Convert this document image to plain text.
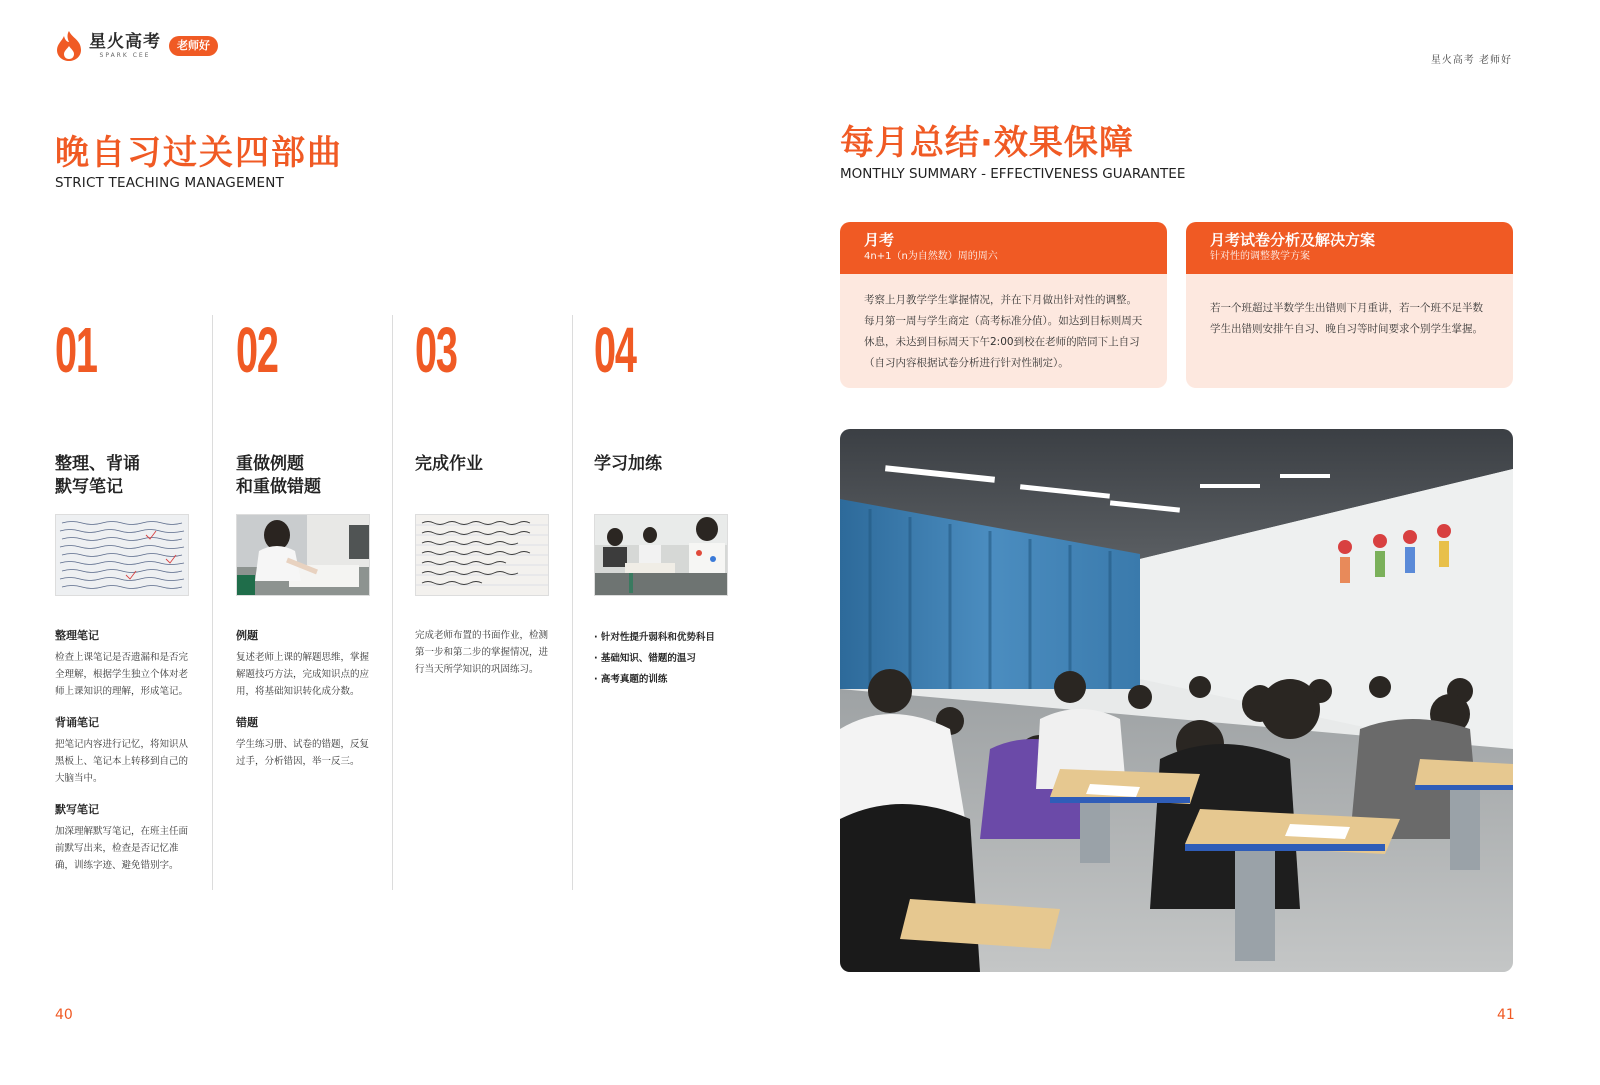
星火高考
SPARK CEE
老师好
星火高考 老师好
晚自习过关四部曲
STRICT TEACHING MANAGEMENT
01
整理、背诵
默写笔记
整理笔记
检查上课笔记是否遗漏和是否完全理解，根据学生独立个体对老师上课知识的理解，形成笔记。
背诵笔记
把笔记内容进行记忆，将知识从黑板上、笔记本上转移到自己的大脑当中。
默写笔记
加深理解默写笔记，在班主任面前默写出来，检查是否记忆准确，训练字迹、避免错别字。
02
重做例题
和重做错题
例题
复述老师上课的解题思维，掌握解题技巧方法，完成知识点的应用，将基础知识转化成分数。
错题
学生练习册、试卷的错题，反复过手，分析错因，举一反三。
03
完成作业
完成老师布置的书面作业，检测第一步和第二步的掌握情况，进行当天所学知识的巩固练习。
04
学习加练
· 针对性提升弱科和优势科目
· 基础知识、错题的温习
· 高考真题的训练
40
每月总结·效果保障
MONTHLY SUMMARY - EFFECTIVENESS GUARANTEE
月考
4n+1（n为自然数）周的周六
考察上月教学学生掌握情况，并在下月做出针对性的调整。每月第一周与学生商定（高考标准分值）。如达到目标则周天休息，未达到目标周天下午2:00到校在老师的陪同下上自习（自习内容根据试卷分析进行针对性制定）。
月考试卷分析及解决方案
针对性的调整教学方案
若一个班超过半数学生出错则下月重讲，若一个班不足半数学生出错则安排午自习、晚自习等时间要求个别学生掌握。
41
